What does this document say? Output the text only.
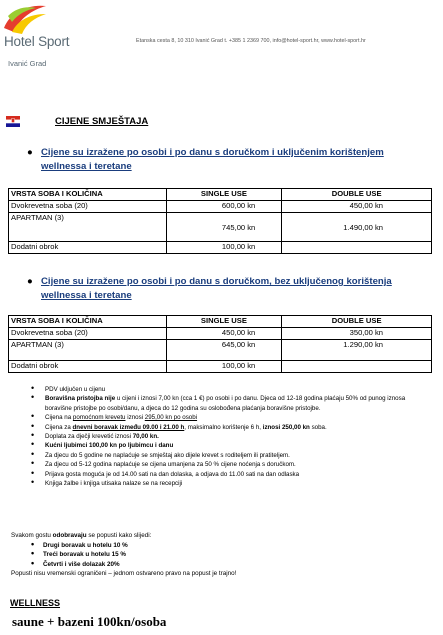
Hotel Sport
Ivanić Grad
Etanska cesta 8, 10 310 Ivanić Grad t. +385 1 2369 700, info@hotel-sport.hr, www.hotel-sport.hr
CIJENE SMJEŠTAJA
● Cijene su izražene po osobi i po danu s doručkom i uključenim korištenjem wellnessa i teretane
VRSTA SOBA I KOLIČINA	SINGLE USE	DOUBLE USE
Dvokrevetna soba (20)	600,00 kn	450,00 kn
APARTMAN (3)	745,00 kn	1.490,00 kn
Dodatni obrok	100,00 kn	
● Cijene su izražene po osobi i po danu s doručkom, bez uključenog korištenja wellnessa i teretane
VRSTA SOBA I KOLIČINA	SINGLE USE	DOUBLE USE
Dvokrevetna soba (20)	450,00 kn	350,00 kn
APARTMAN (3)	645,00 kn	1.290,00 kn
Dodatni obrok	100,00 kn	
• PDV uključen u cijenu
• Boravišna pristojba nije u cijeni i iznosi 7,00 kn (cca 1 €) po osobi i po danu. Djeca od 12-18 godina plaćaju 50% od punog iznosa boravišne pristojbe po osobi/danu, a djeca do 12 godina su oslobođena plaćanja boravišne pristojbe.
• Cijena na pomoćnom krevetu iznosi 295,00 kn po osobi
• Cijena za dnevni boravak između 09.00 i 21.00 h, maksimalno korištenje 6 h, iznosi 250,00 kn soba.
• Doplata za dječji krevetić iznosi 70,00 kn.
• Kućni ljubimci 100,00 kn po ljubimcu i danu
• Za djecu do 5 godine ne naplaćuje se smještaj ako dijele krevet s roditeljem ili pratiteljem.
• Za djecu od 5-12 godina naplaćuje se cijena umanjena za 50 % cijene noćenja s doručkom.
• Prijava gosta moguća je od 14.00 sati na dan dolaska, a odjava do 11.00 sati na dan odlaska
• Knjiga žalbe i knjiga utisaka nalaze se na recepciji
Svakom gostu odobravaju se popusti kako slijedi:
• Drugi boravak u hotelu 10 %
• Treći boravak u hotelu 15 %
• Četvrti i više dolazak 20%
Popusti nisu vremenski ograničeni – jednom ostvareno pravo na popust je trajno!
WELLNESS
saune + bazeni 100kn/osoba
